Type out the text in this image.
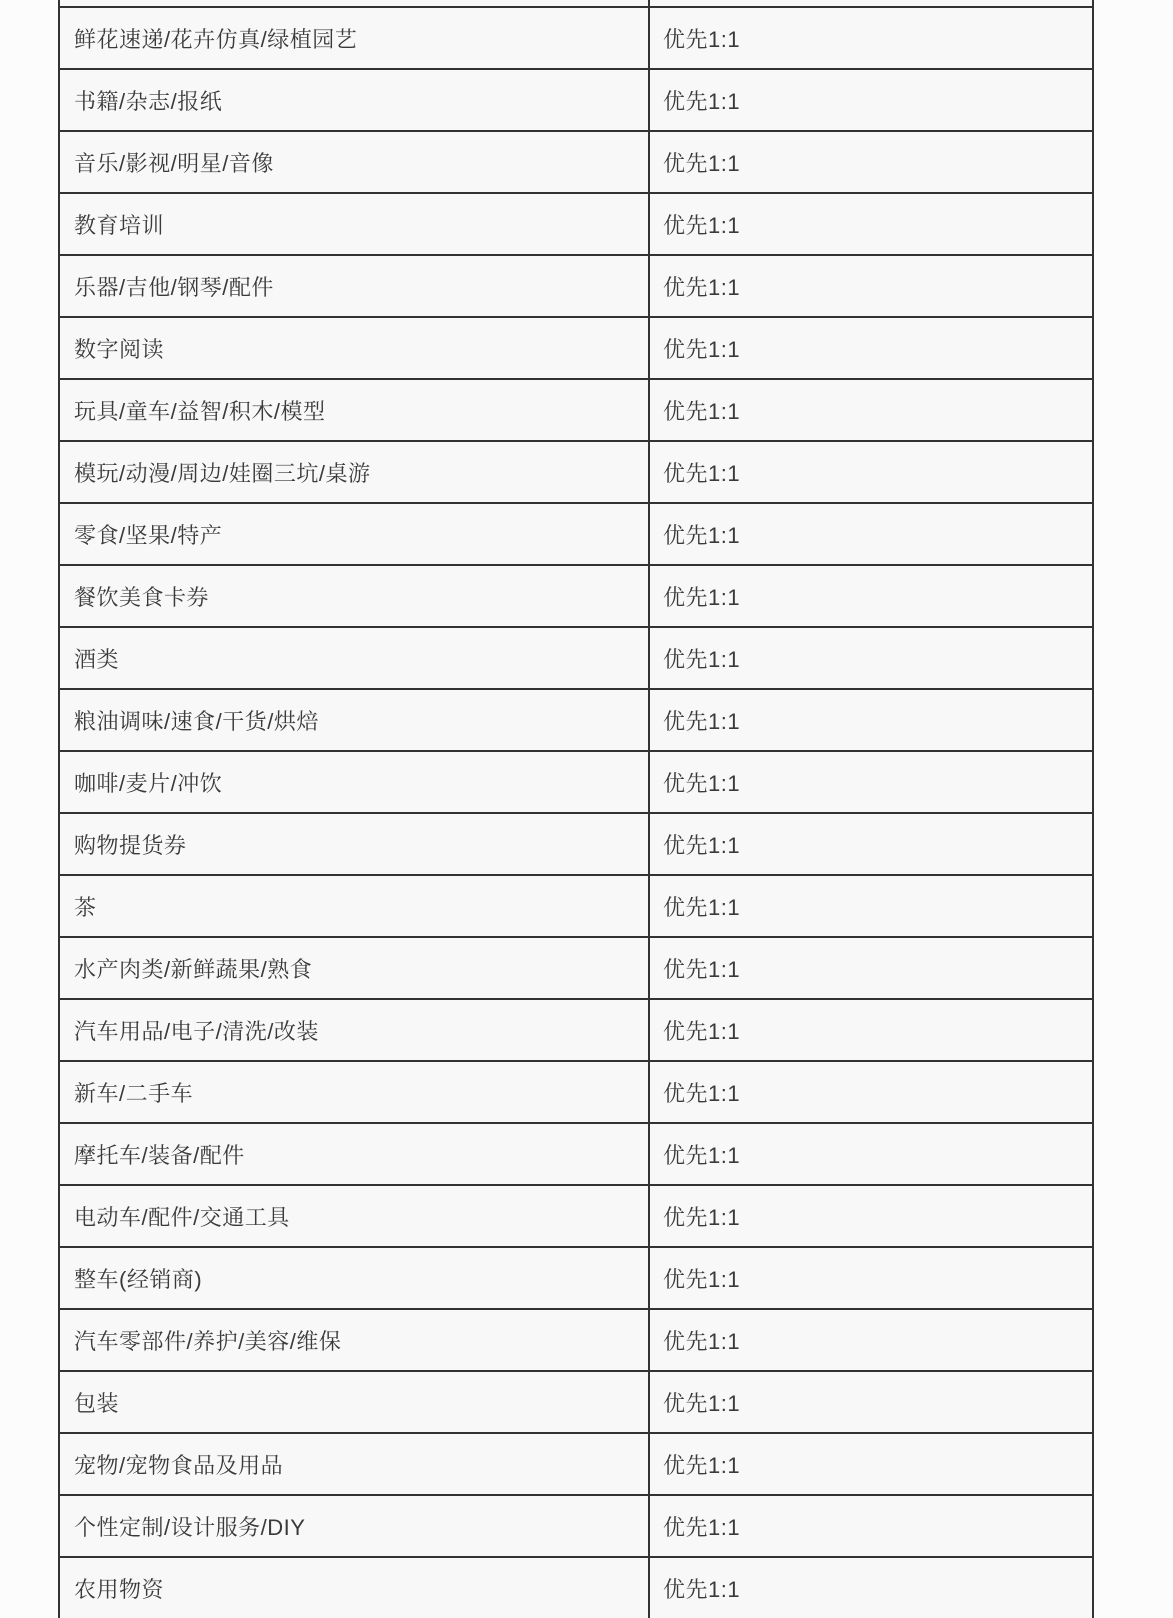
鲜花速递/花卉仿真/绿植园艺	优先1:1
书籍/杂志/报纸	优先1:1
音乐/影视/明星/音像	优先1:1
教育培训	优先1:1
乐器/吉他/钢琴/配件	优先1:1
数字阅读	优先1:1
玩具/童车/益智/积木/模型	优先1:1
模玩/动漫/周边/娃圈三坑/桌游	优先1:1
零食/坚果/特产	优先1:1
餐饮美食卡券	优先1:1
酒类	优先1:1
粮油调味/速食/干货/烘焙	优先1:1
咖啡/麦片/冲饮	优先1:1
购物提货券	优先1:1
茶	优先1:1
水产肉类/新鲜蔬果/熟食	优先1:1
汽车用品/电子/清洗/改装	优先1:1
新车/二手车	优先1:1
摩托车/装备/配件	优先1:1
电动车/配件/交通工具	优先1:1
整车(经销商)	优先1:1
汽车零部件/养护/美容/维保	优先1:1
包装	优先1:1
宠物/宠物食品及用品	优先1:1
个性定制/设计服务/DIY	优先1:1
农用物资	优先1:1
